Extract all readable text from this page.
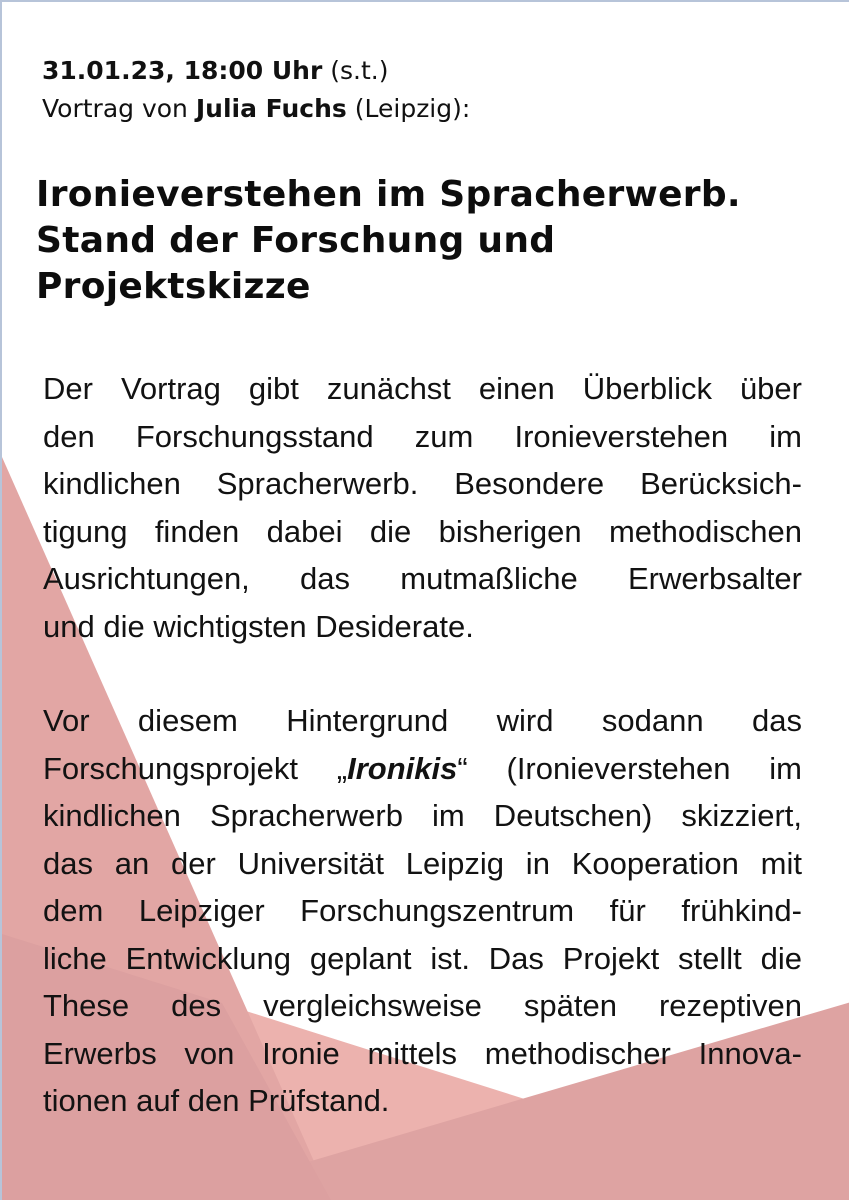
31.01.23, 18:00 Uhr (s.t.)
Vortrag von Julia Fuchs (Leipzig):
Ironieverstehen im Spracherwerb.
Stand der Forschung und
Projektskizze
Der Vortrag gibt zunächst einen Überblick über
den Forschungsstand zum Ironieverstehen im
kindlichen Spracherwerb. Besondere Berücksich-
tigung finden dabei die bisherigen methodischen
Ausrichtungen, das mutmaßliche Erwerbsalter
und die wichtigsten Desiderate.
Vor diesem Hintergrund wird sodann das
Forschungsprojekt „Ironikis“ (Ironieverstehen im
kindlichen Spracherwerb im Deutschen) skizziert,
das an der Universität Leipzig in Kooperation mit
dem Leipziger Forschungszentrum für frühkind-
liche Entwicklung geplant ist. Das Projekt stellt die
These des vergleichsweise späten rezeptiven
Erwerbs von Ironie mittels methodischer Innova-
tionen auf den Prüfstand.
